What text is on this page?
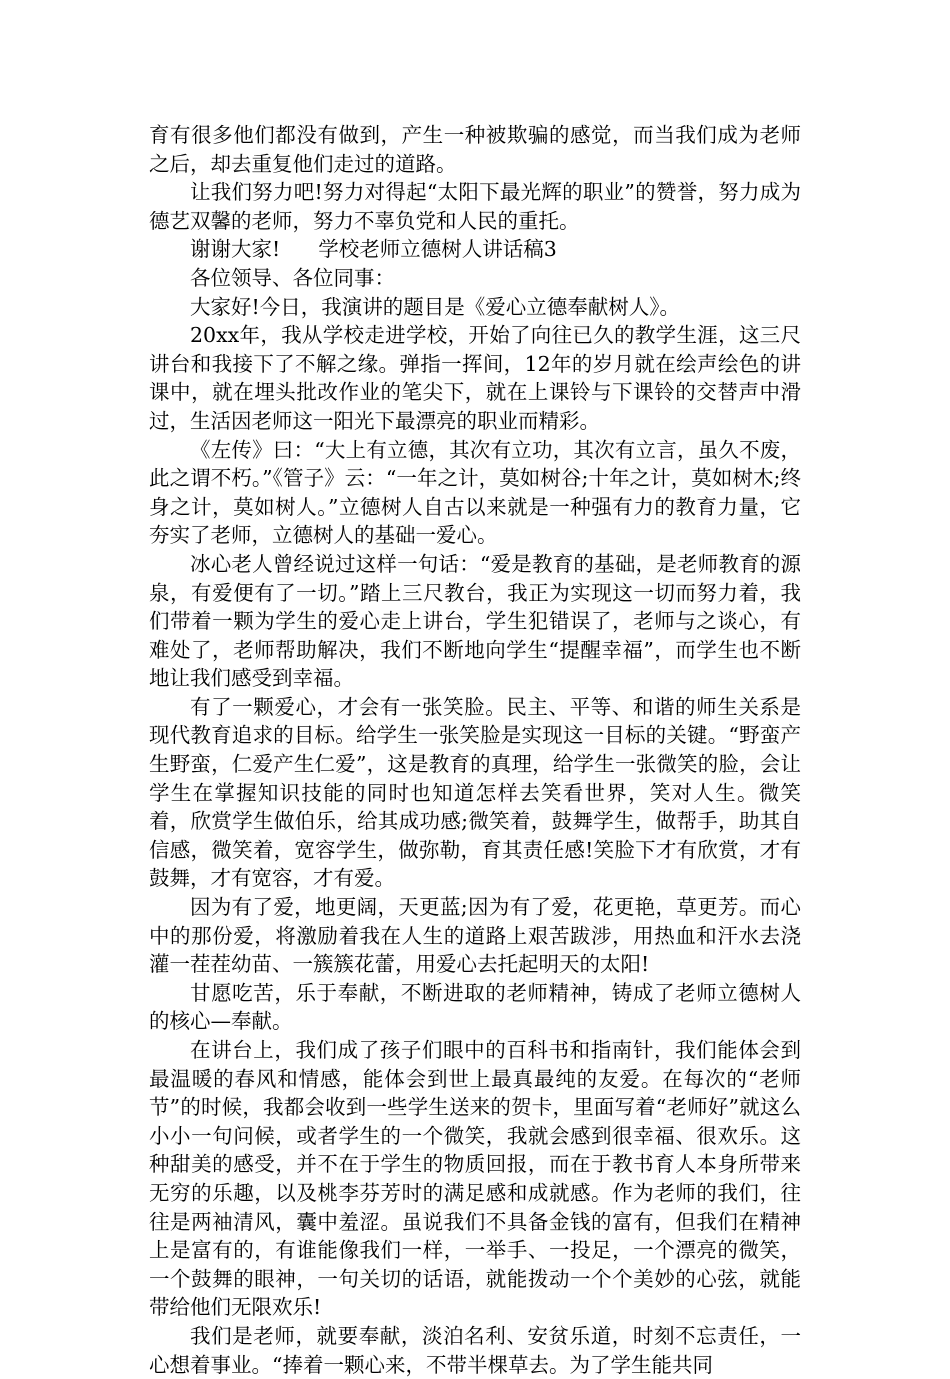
育有很多他们都没有做到，产生一种被欺骗的感觉，而当我们成为老师之后，却去重复他们走过的道路。

让我们努力吧!努力对得起“太阳下最光辉的职业”的赞誉，努力成为德艺双馨的老师，努力不辜负党和人民的重托。

谢谢大家! 学校老师立德树人讲话稿3

各位领导、各位同事：

大家好!今日，我演讲的题目是《爱心立德奉献树人》。

20xx年，我从学校走进学校，开始了向往已久的教学生涯，这三尺讲台和我接下了不解之缘。弹指一挥间，12年的岁月就在绘声绘色的讲课中，就在埋头批改作业的笔尖下，就在上课铃与下课铃的交替声中滑过，生活因老师这一阳光下最漂亮的职业而精彩。

《左传》曰：“大上有立德，其次有立功，其次有立言，虽久不废，此之谓不朽。”《管子》云：“一年之计，莫如树谷;十年之计，莫如树木;终身之计，莫如树人。”立德树人自古以来就是一种强有力的教育力量，它夯实了老师，立德树人的基础一爱心。

冰心老人曾经说过这样一句话：“爱是教育的基础，是老师教育的源泉，有爱便有了一切。”踏上三尺教台，我正为实现这一切而努力着，我们带着一颗为学生的爱心走上讲台，学生犯错误了，老师与之谈心，有难处了，老师帮助解决，我们不断地向学生“提醒幸福”，而学生也不断地让我们感受到幸福。

有了一颗爱心，才会有一张笑脸。民主、平等、和谐的师生关系是现代教育追求的目标。给学生一张笑脸是实现这一目标的关键。“野蛮产生野蛮，仁爱产生仁爱”，这是教育的真理，给学生一张微笑的脸，会让学生在掌握知识技能的同时也知道怎样去笑看世界，笑对人生。微笑着，欣赏学生做伯乐，给其成功感;微笑着，鼓舞学生，做帮手，助其自信感，微笑着，宽容学生，做弥勒，育其责任感!笑脸下才有欣赏，才有鼓舞，才有宽容，才有爱。

因为有了爱，地更阔，天更蓝;因为有了爱，花更艳，草更芳。而心中的那份爱，将激励着我在人生的道路上艰苦跋涉，用热血和汗水去浇灌一茬茬幼苗、一簇簇花蕾，用爱心去托起明天的太阳!

甘愿吃苦，乐于奉献，不断进取的老师精神，铸成了老师立德树人的核心—奉献。

在讲台上，我们成了孩子们眼中的百科书和指南针，我们能体会到最温暖的春风和情感，能体会到世上最真最纯的友爱。在每次的“老师节”的时候，我都会收到一些学生送来的贺卡，里面写着“老师好”就这么小小一句问候，或者学生的一个微笑，我就会感到很幸福、很欢乐。这种甜美的感受，并不在于学生的物质回报，而在于教书育人本身所带来无穷的乐趣，以及桃李芬芳时的满足感和成就感。作为老师的我们，往往是两袖清风，囊中羞涩。虽说我们不具备金钱的富有，但我们在精神上是富有的，有谁能像我们一样，一举手、一投足，一个漂亮的微笑，一个鼓舞的眼神，一句关切的话语，就能拨动一个个美妙的心弦，就能带给他们无限欢乐!

我们是老师，就要奉献，淡泊名利、安贫乐道，时刻不忘责任，一心想着事业。“捧着一颗心来，不带半棵草去。为了学生能共同
